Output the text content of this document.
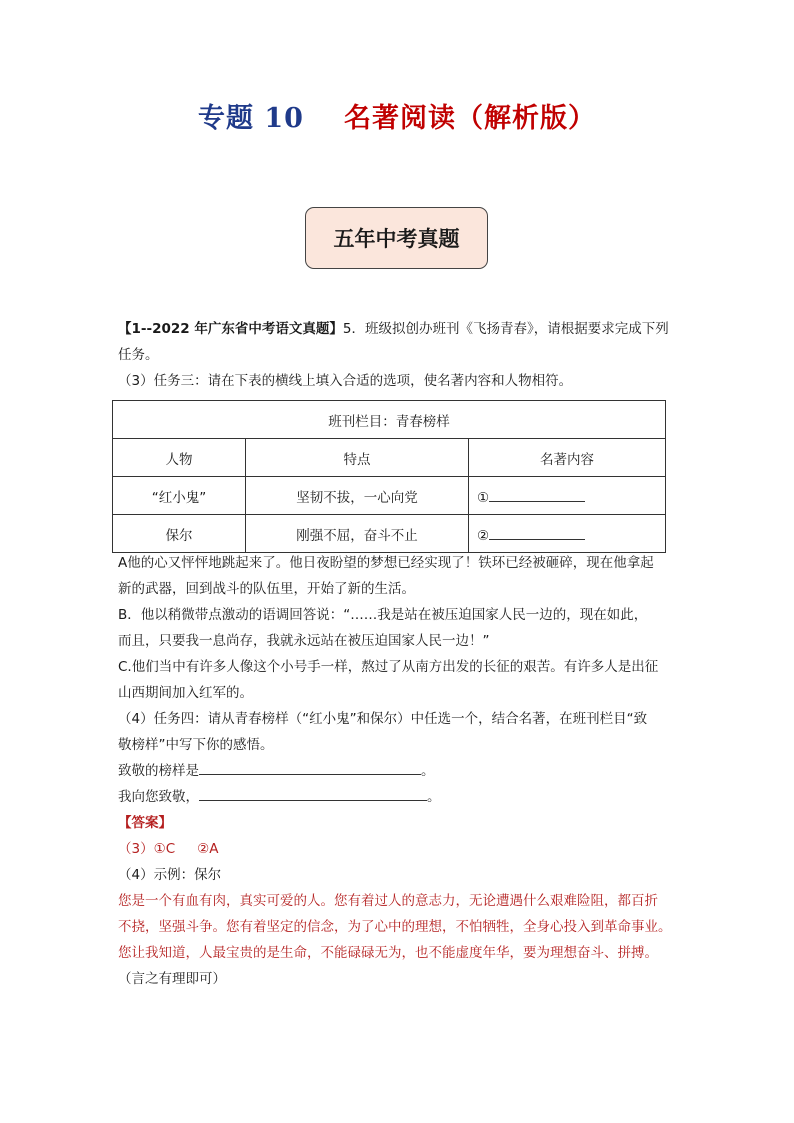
专题 10 名著阅读（解析版）
五年中考真题
【1--2022 年广东省中考语文真题】5．班级拟创办班刊《飞扬青春》，请根据要求完成下列
任务。
（3）任务三：请在下表的横线上填入合适的选项，使名著内容和人物相符。
班刊栏目：青春榜样		
人物	特点	名著内容
“红小鬼”	坚韧不拔，一心向党	①
保尔	刚强不屈，奋斗不止	②
A他的心又怦怦地跳起来了。他日夜盼望的梦想已经实现了！铁环已经被砸碎，现在他拿起
新的武器，回到战斗的队伍里，开始了新的生活。
B．他以稍微带点激动的语调回答说：“……我是站在被压迫国家人民一边的，现在如此，
而且，只要我一息尚存，我就永远站在被压迫国家人民一边！”
C.他们当中有许多人像这个小号手一样，熬过了从南方出发的长征的艰苦。有许多人是出征
山西期间加入红军的。
（4）任务四：请从青春榜样（“红小鬼”和保尔）中任选一个，结合名著，在班刊栏目“致
敬榜样”中写下你的感悟。
致敬的榜样是	。
我向您致敬，	。
【答案】
（3）①C ②A
（4）示例：保尔
您是一个有血有肉，真实可爱的人。您有着过人的意志力，无论遭遇什么艰难险阻，都百折
不挠，坚强斗争。您有着坚定的信念，为了心中的理想，不怕牺牲，全身心投入到革命事业。
您让我知道，人最宝贵的是生命，不能碌碌无为，也不能虚度年华，要为理想奋斗、拼搏。
（言之有理即可）
